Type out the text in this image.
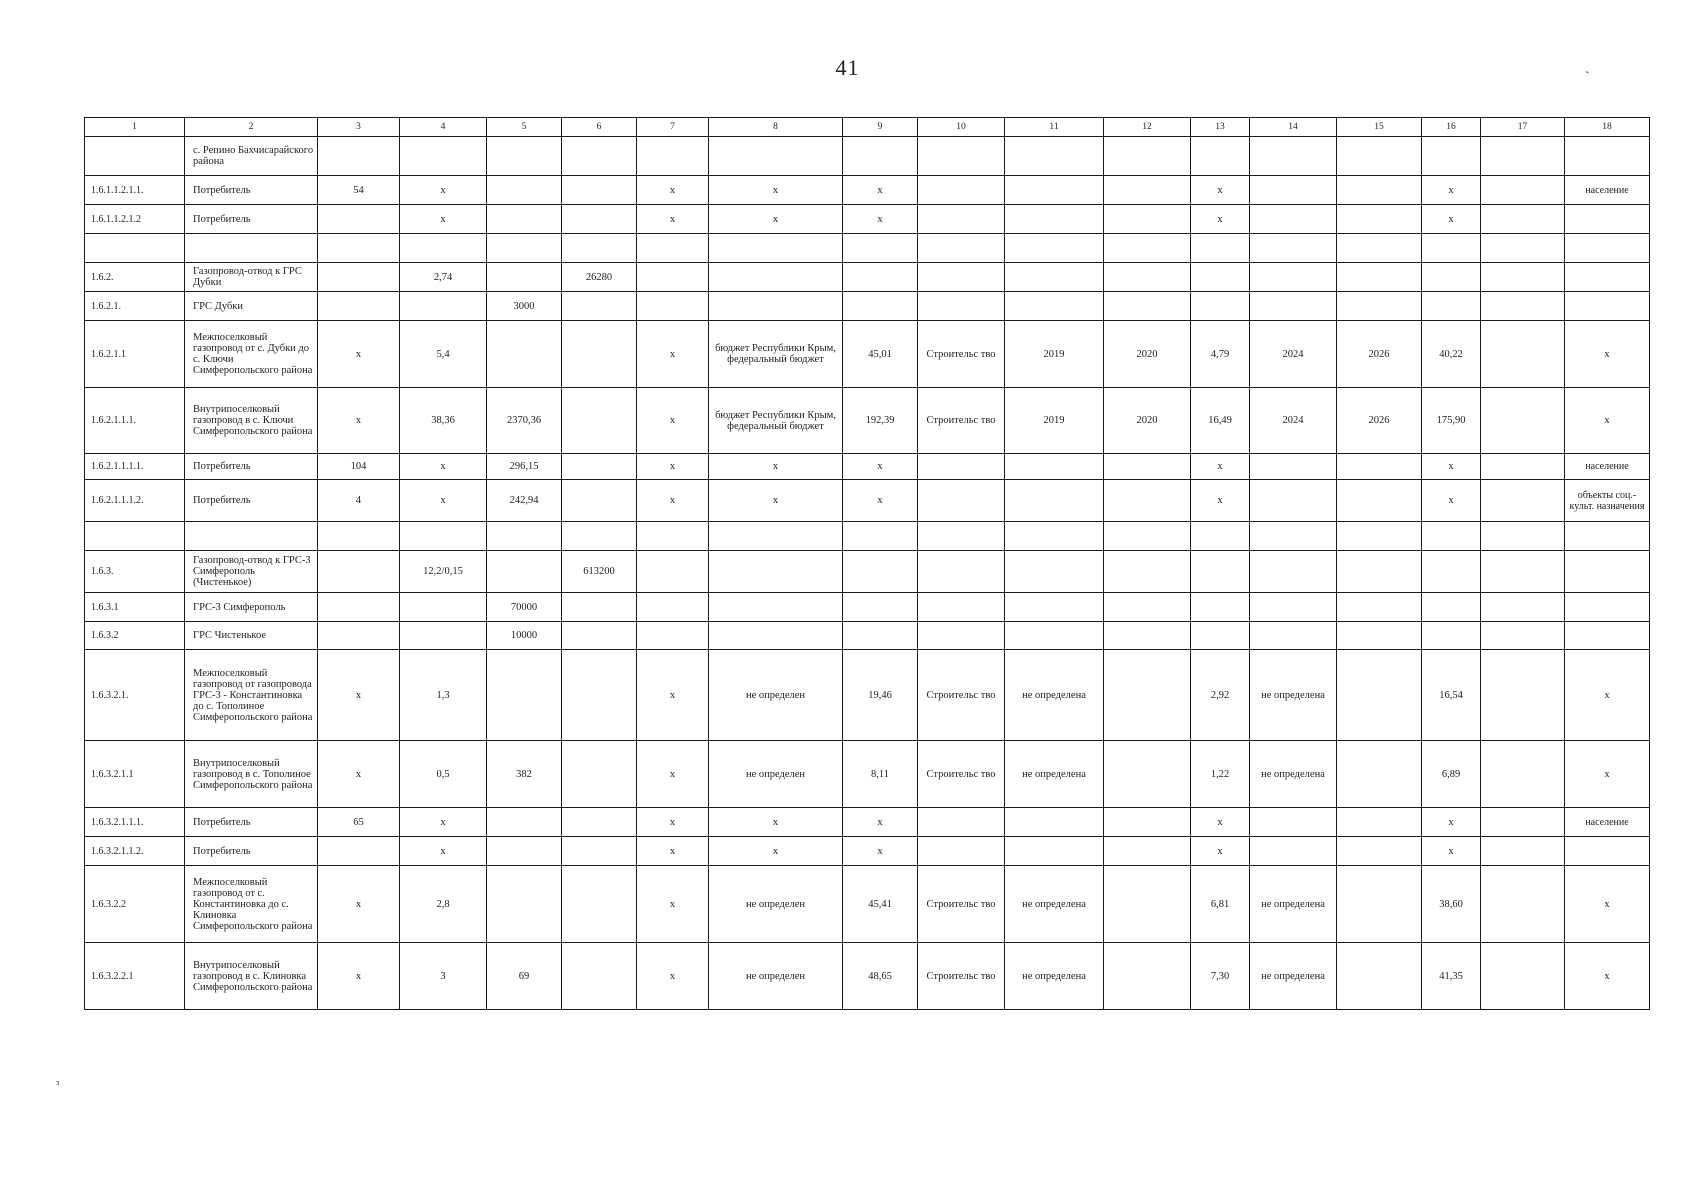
41	`
з
1	2	3	4	5	6	7	8	9	10	11	12	13	14	15	16	17	18
	с. Репино Бахчисарайского района																
1.6.1.1.2.1.1.	Потребитель	54	x			x	x	x				x			x		население
1.6.1.1.2.1.2	Потребитель		x			x	x	x				x			x		

1.6.2.	Газопровод-отвод к ГРС Дубки		2,74		26280												
1.6.2.1.	ГРС Дубки			3000													
1.6.2.1.1	Межпоселковый газопровод от с. Дубки до с. Ключи Симферопольского района	x	5,4			x	бюджет Республики Крым, федеральный бюджет	45,01	Строительс тво	2019	2020	4,79	2024	2026	40,22		x
1.6.2.1.1.1.	Внутрипоселковый газопровод в с. Ключи Симферопольского района	x	38,36	2370,36		x	бюджет Республики Крым, федеральный бюджет	192,39	Строительс тво	2019	2020	16,49	2024	2026	175,90		x
1.6.2.1.1.1.1.	Потребитель	104	x	296,15		x	x	x				x			x		население
1.6.2.1.1.1.2.	Потребитель	4	x	242,94		x	x	x				x			x		объекты соц.-культ. назначения

1.6.3.	Газопровод-отвод к ГРС-3 Симферополь (Чистенькое)		12,2/0,15		613200												
1.6.3.1	ГРС-3 Симферополь			70000													
1.6.3.2	ГРС Чистенькое			10000													
1.6.3.2.1.	Межпоселковый газопровод от газопровода ГРС-3 - Константиновка до с. Тополиное Симферопольского района	x	1,3			x	не определен	19,46	Строительс тво	не определена		2,92	не определена		16,54		x
1.6.3.2.1.1	Внутрипоселковый газопровод в с. Тополиное Симферопольского района	x	0,5	382		x	не определен	8,11	Строительс тво	не определена		1,22	не определена		6,89		x
1.6.3.2.1.1.1.	Потребитель	65	x			x	x	x				x			x		население
1.6.3.2.1.1.2.	Потребитель		x			x	x	x				x			x		
1.6.3.2.2	Межпоселковый газопровод от с. Константиновка до с. Клиновка Симферопольского района	x	2,8			x	не определен	45,41	Строительс тво	не определена		6,81	не определена		38,60		x
1.6.3.2.2.1	Внутрипоселковый газопровод в с. Клиновка Симферопольского района	x	3	69		x	не определен	48,65	Строительс тво	не определена		7,30	не определена		41,35		x
